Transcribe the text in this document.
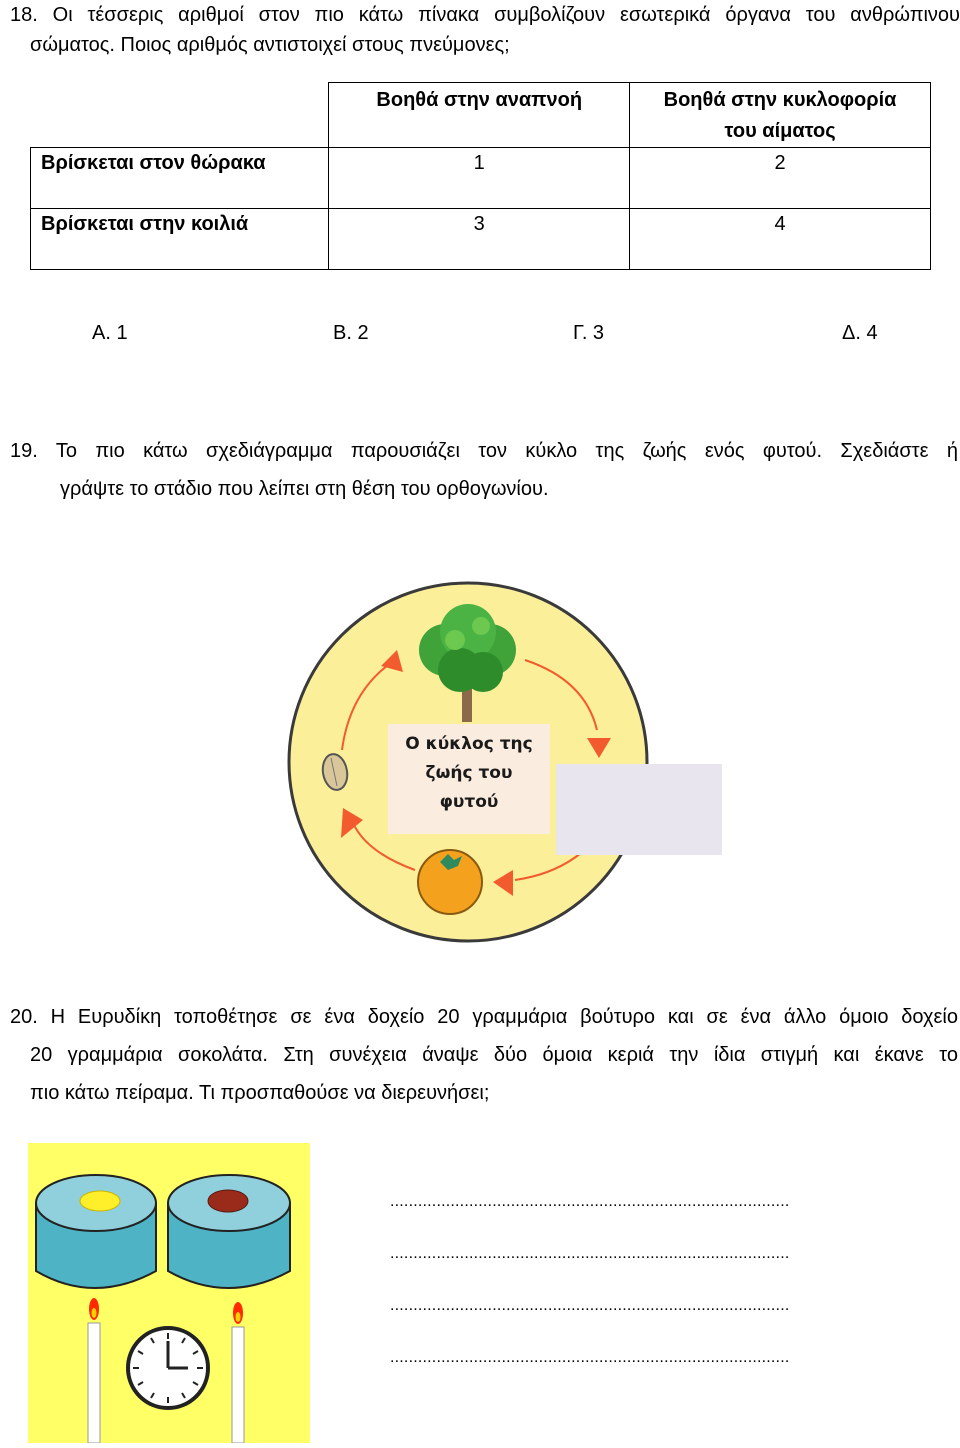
18. Οι τέσσερις αριθμοί στον πιο κάτω πίνακα συμβολίζουν εσωτερικά όργανα του ανθρώπινου
σώματος. Ποιος αριθμός αντιστοιχεί στους πνεύμονες;
	Βοηθά στην αναπνοή	Βοηθά στην κυκλοφορία
του αίματος

Βρίσκεται στον θώρακα	1	2
Βρίσκεται στην κοιλιά	3	4
Α. 1	Β. 2	Γ. 3	Δ. 4
19. Το πιο κάτω σχεδιάγραμμα παρουσιάζει τον κύκλο της ζωής ενός φυτού. Σχεδιάστε ή
γράψτε το στάδιο που λείπει στη θέση του ορθογωνίου.
Ο κύκλος της
ζωής του
φυτού
20. Η Ευρυδίκη τοποθέτησε σε ένα δοχείο 20 γραμμάρια βούτυρο και σε ένα άλλο όμοιο δοχείο
20 γραμμάρια σοκολάτα. Στη συνέχεια άναψε δύο όμοια κεριά την ίδια στιγμή και έκανε το
πιο κάτω πείραμα. Τι προσπαθούσε να διερευνήσει;
......................................................................................
......................................................................................
......................................................................................
......................................................................................
